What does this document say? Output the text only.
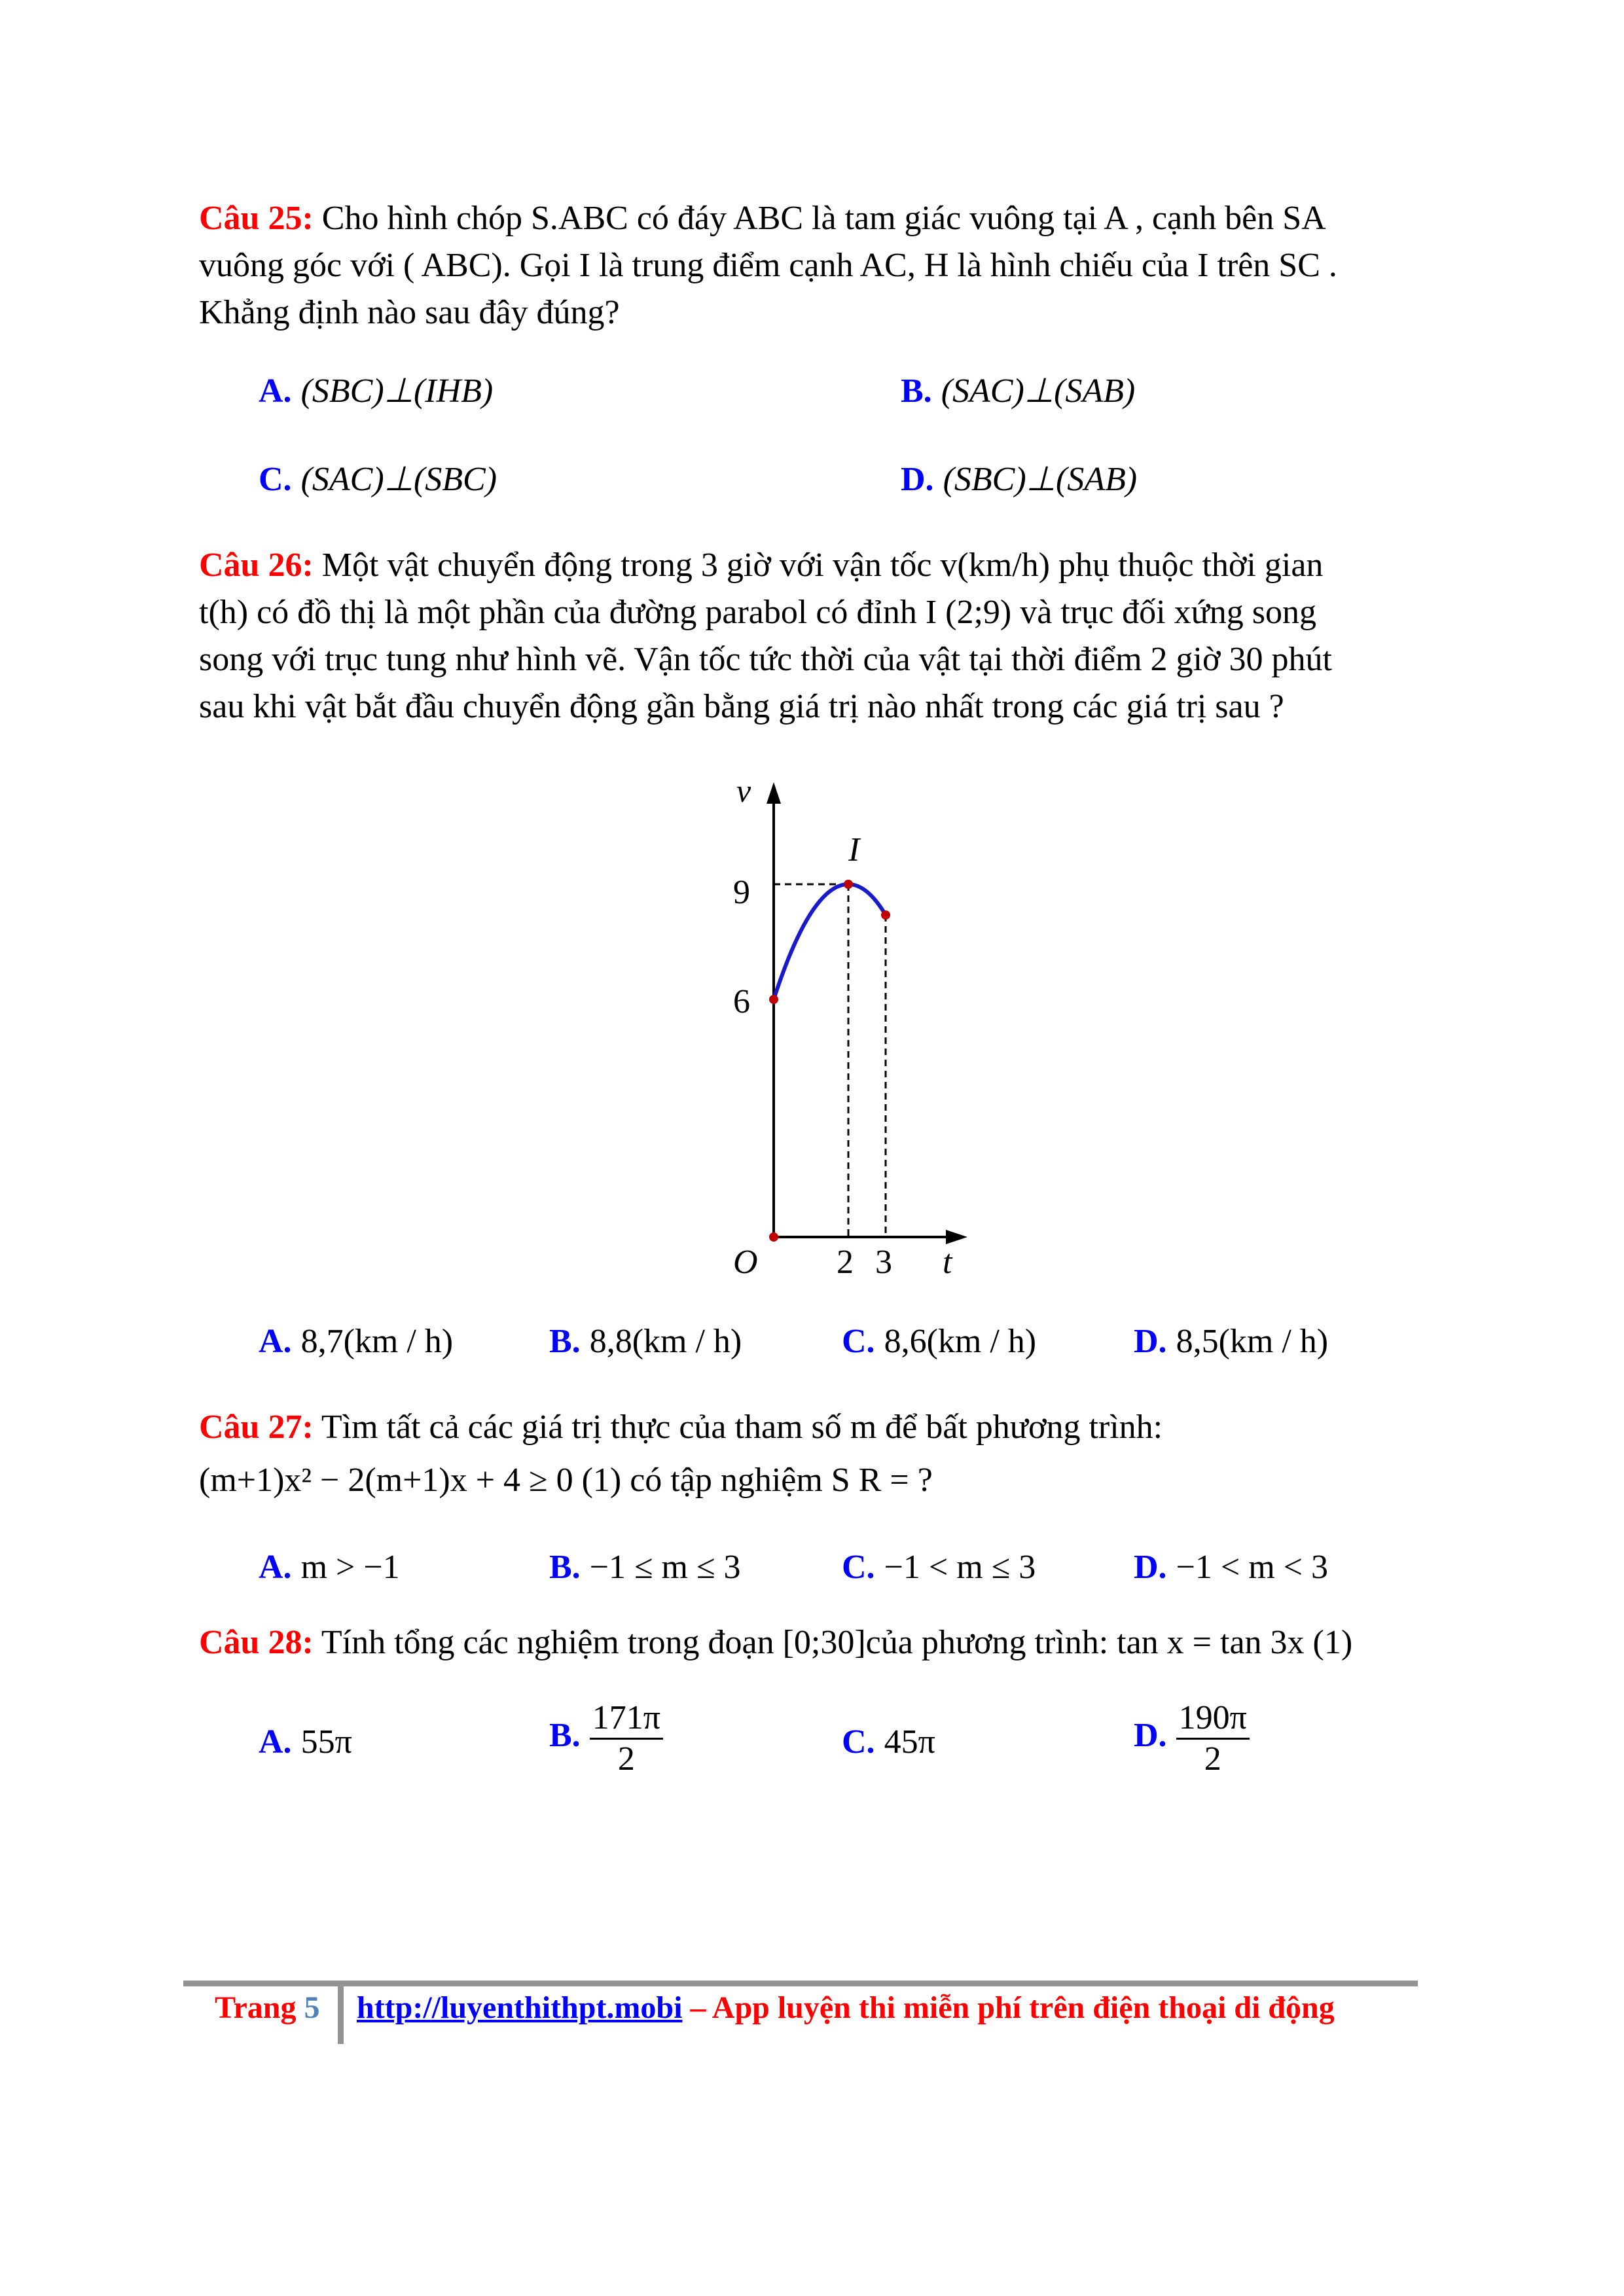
Câu 25: Cho hình chóp S.ABC có đáy ABC là tam giác vuông tại A , cạnh bên SA
vuông góc với ( ABC). Gọi I là trung điểm cạnh AC, H là hình chiếu của I trên SC .
Khẳng định nào sau đây đúng?
A. (SBC)⊥(IHB)	B. (SAC)⊥(SAB)
C. (SAC)⊥(SBC)	D. (SBC)⊥(SAB)
Câu 26: Một vật chuyển động trong 3 giờ với vận tốc v(km/h) phụ thuộc thời gian
t(h) có đồ thị là một phần của đường parabol có đỉnh I (2;9) và trục đối xứng song
song với trục tung như hình vẽ. Vận tốc tức thời của vật tại thời điểm 2 giờ 30 phút
sau khi vật bắt đầu chuyển động gần bằng giá trị nào nhất trong các giá trị sau ?
v
I
9
6
O 2 3 t
A. 8,7(km / h)	B. 8,8(km / h)	C. 8,6(km / h)	D. 8,5(km / h)
Câu 27: Tìm tất cả các giá trị thực của tham số m để bất phương trình:
(m+1)x² − 2(m+1)x + 4 ≥ 0 (1) có tập nghiệm S R = ?
A. m > −1	B. −1 ≤ m ≤ 3	C. −1 < m ≤ 3	D. −1 < m < 3
Câu 28: Tính tổng các nghiệm trong đoạn [0;30]của phương trình: tan x = tan 3x (1)
A. 55π	B. $\frac{171\pi}{2}$	C. 45π	D. $\frac{190\pi}{2}$
Trang 5 http://luyenthithpt.mobi – App luyện thi miễn phí trên điện thoại di động
